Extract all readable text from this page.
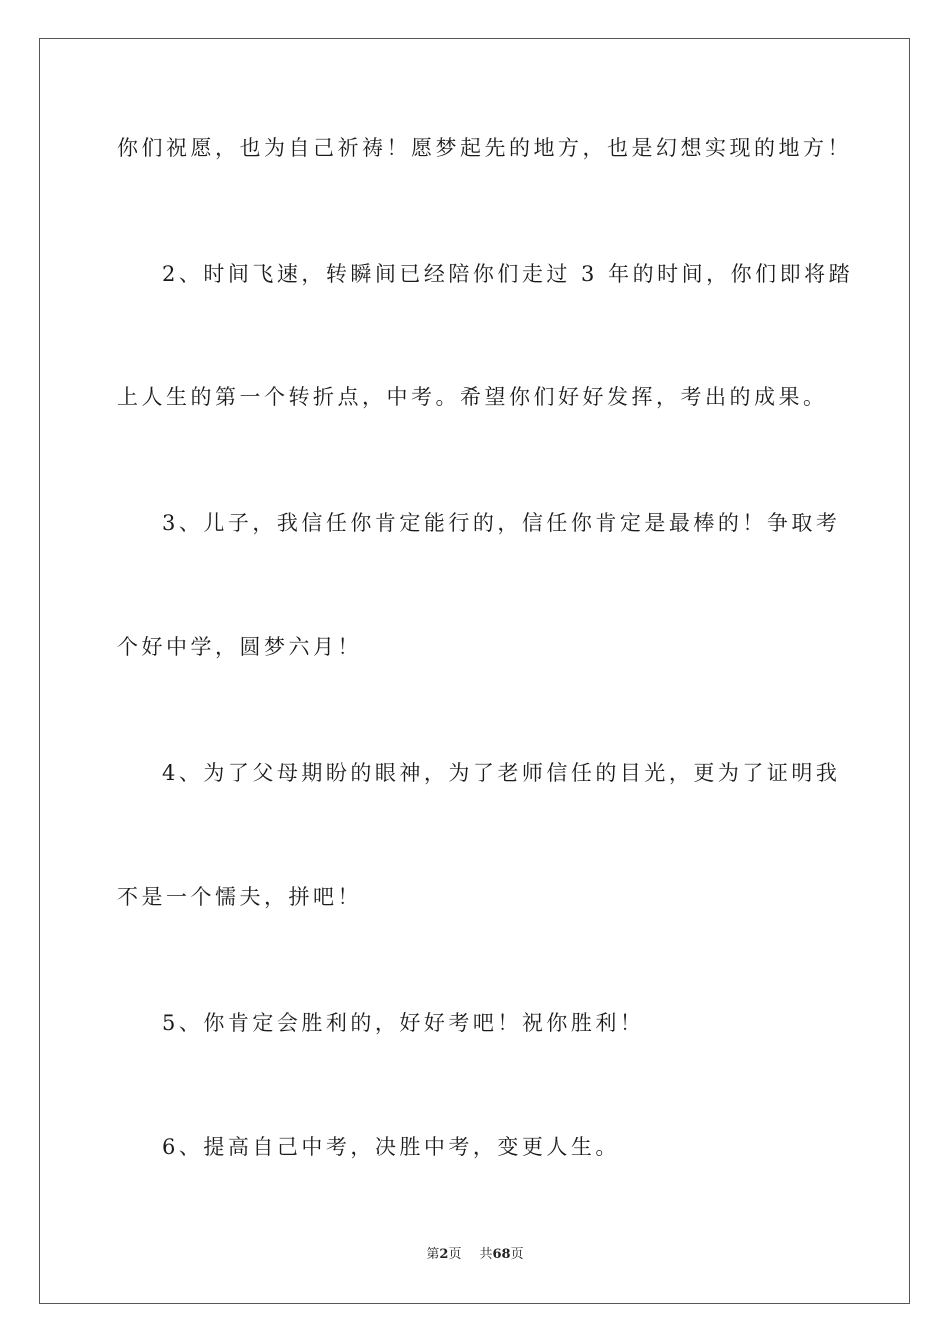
你们祝愿，也为自己祈祷！愿梦起先的地方，也是幻想实现的地方！
2、时间飞速，转瞬间已经陪你们走过 3 年的时间，你们即将踏
上人生的第一个转折点，中考。希望你们好好发挥，考出的成果。
3、儿子，我信任你肯定能行的，信任你肯定是最棒的！争取考
个好中学，圆梦六月！
4、为了父母期盼的眼神，为了老师信任的目光，更为了证明我
不是一个懦夫，拼吧！
5、你肯定会胜利的，好好考吧！祝你胜利！
6、提高自己中考，决胜中考，变更人生。
第2页 共68页
